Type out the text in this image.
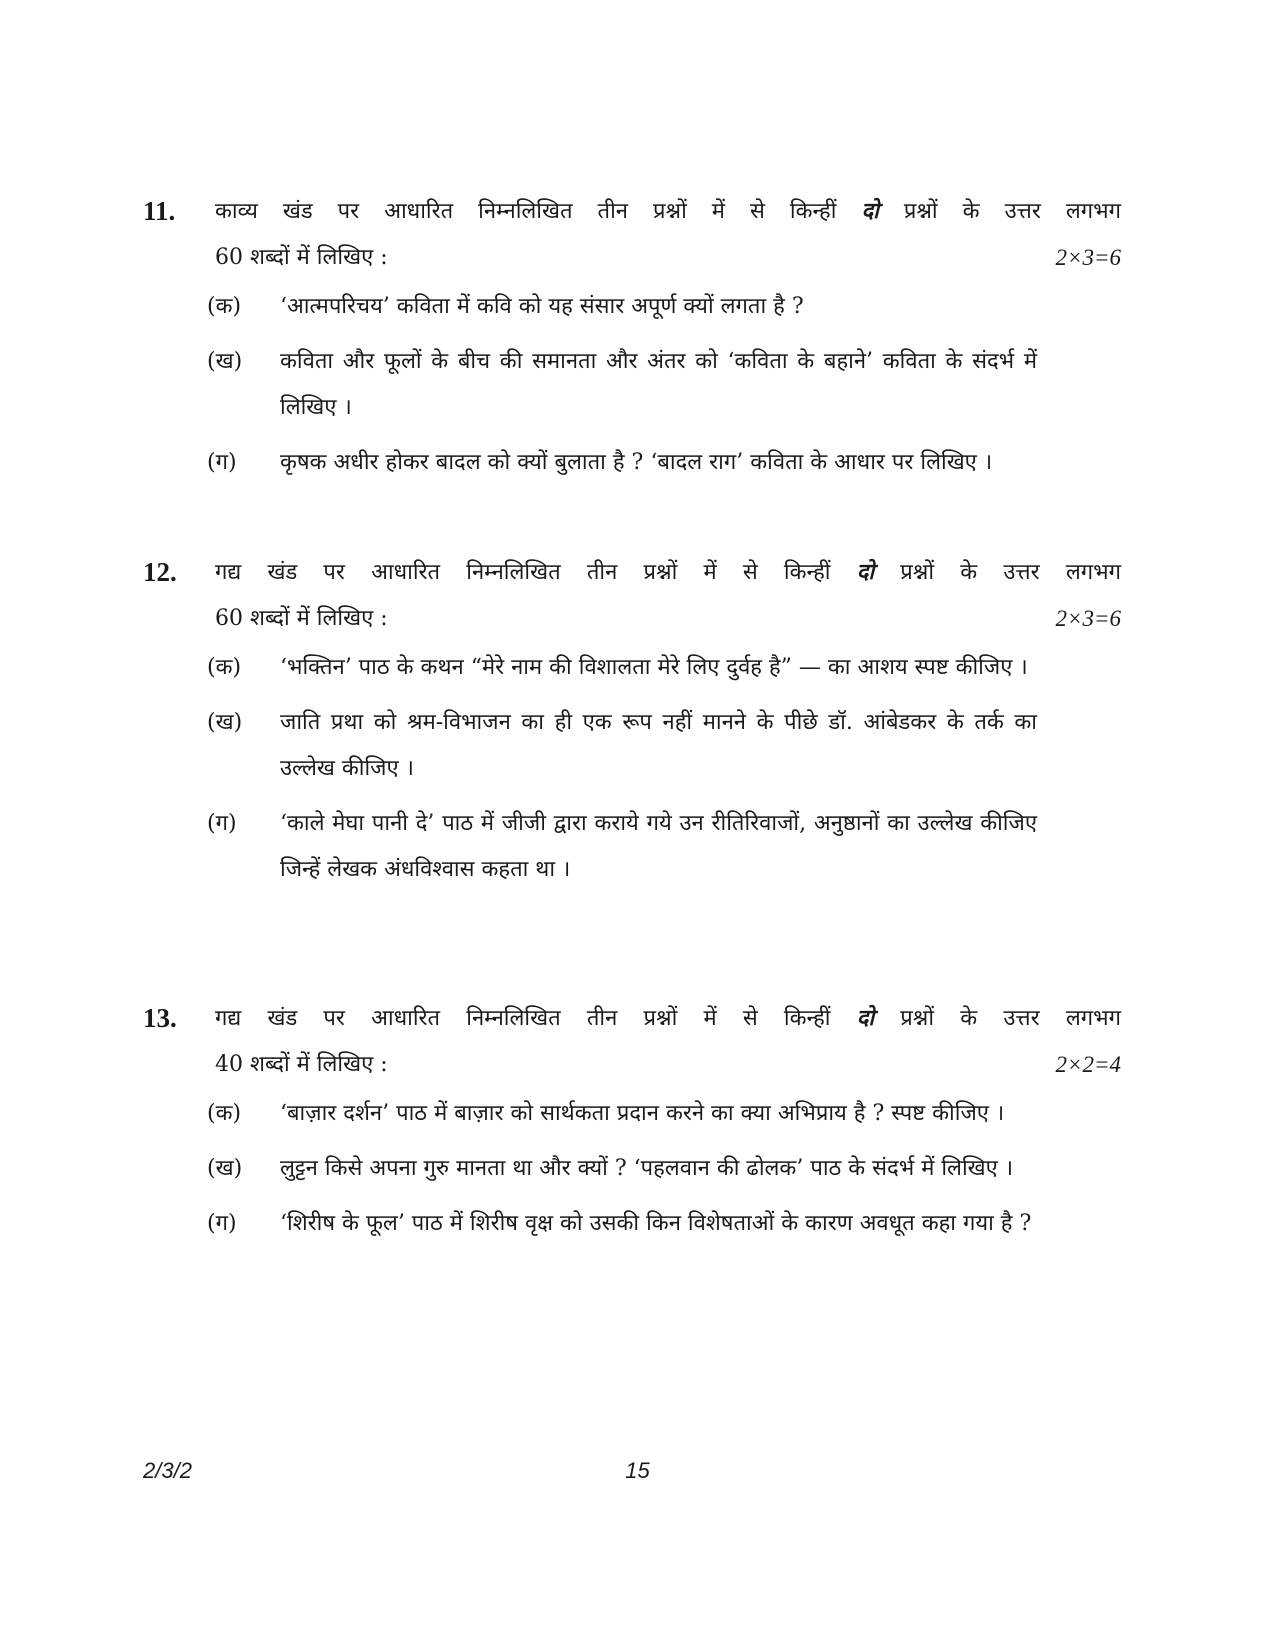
11. काव्य खंड पर आधारित निम्नलिखित तीन प्रश्नों में से किन्हीं दो प्रश्नों के उत्तर लगभग
60 शब्दों में लिखिए :	2×3=6
(क) ‘आत्मपरिचय’ कविता में कवि को यह संसार अपूर्ण क्यों लगता है ?
(ख) कविता और फूलों के बीच की समानता और अंतर को ‘कविता के बहाने’ कविता के संदर्भ में लिखिए ।
(ग) कृषक अधीर होकर बादल को क्यों बुलाता है ? ‘बादल राग’ कविता के आधार पर लिखिए ।
12. गद्य खंड पर आधारित निम्नलिखित तीन प्रश्नों में से किन्हीं दो प्रश्नों के उत्तर लगभग
60 शब्दों में लिखिए :	2×3=6
(क) ‘भक्तिन’ पाठ के कथन “मेरे नाम की विशालता मेरे लिए दुर्वह है” — का आशय स्पष्ट कीजिए ।
(ख) जाति प्रथा को श्रम-विभाजन का ही एक रूप नहीं मानने के पीछे डॉ. आंबेडकर के तर्क का उल्लेख कीजिए ।
(ग) ‘काले मेघा पानी दे’ पाठ में जीजी द्वारा कराये गये उन रीतिरिवाजों, अनुष्ठानों का उल्लेख कीजिए जिन्हें लेखक अंधविश्वास कहता था ।
13. गद्य खंड पर आधारित निम्नलिखित तीन प्रश्नों में से किन्हीं दो प्रश्नों के उत्तर लगभग
40 शब्दों में लिखिए :	2×2=4
(क) ‘बाज़ार दर्शन’ पाठ में बाज़ार को सार्थकता प्रदान करने का क्या अभिप्राय है ? स्पष्ट कीजिए ।
(ख) लुट्टन किसे अपना गुरु मानता था और क्यों ? ‘पहलवान की ढोलक’ पाठ के संदर्भ में लिखिए ।
(ग) ‘शिरीष के फूल’ पाठ में शिरीष वृक्ष को उसकी किन विशेषताओं के कारण अवधूत कहा गया है ?
2/3/2	15
